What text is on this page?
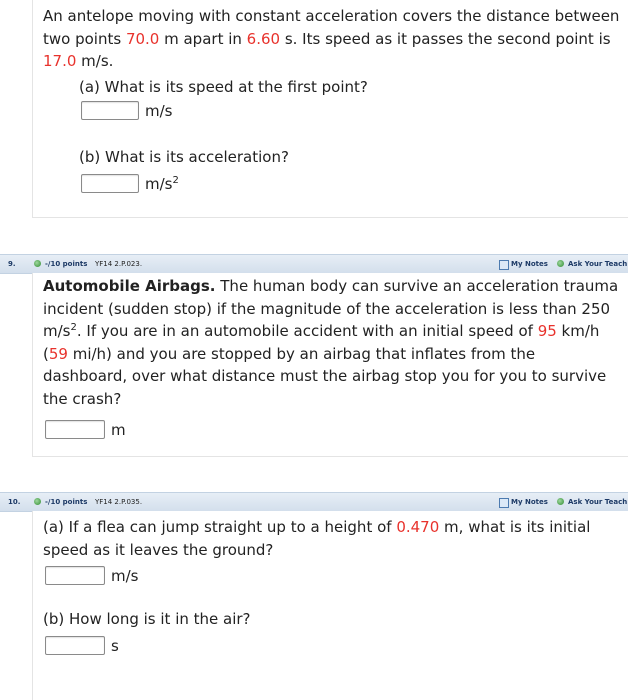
An antelope moving with constant acceleration covers the distance between
two points 70.0 m apart in 6.60 s. Its speed as it passes the second point is
17.0 m/s.
(a) What is its speed at the first point?
m/s
(b) What is its acceleration?
$m/s^2$
9.	-/10 points YF14 2.P.023.	My Notes	Ask Your Teach
Automobile Airbags. The human body can survive an acceleration trauma
incident (sudden stop) if the magnitude of the acceleration is less than 250
$m/s^2$. If you are in an automobile accident with an initial speed of 95 km/h
(59 mi/h) and you are stopped by an airbag that inflates from the
dashboard, over what distance must the airbag stop you for you to survive
the crash?
m
10.	-/10 points YF14 2.P.035.	My Notes	Ask Your Teach
(a) If a flea can jump straight up to a height of 0.470 m, what is its initial
speed as it leaves the ground?
m/s
(b) How long is it in the air?
s
